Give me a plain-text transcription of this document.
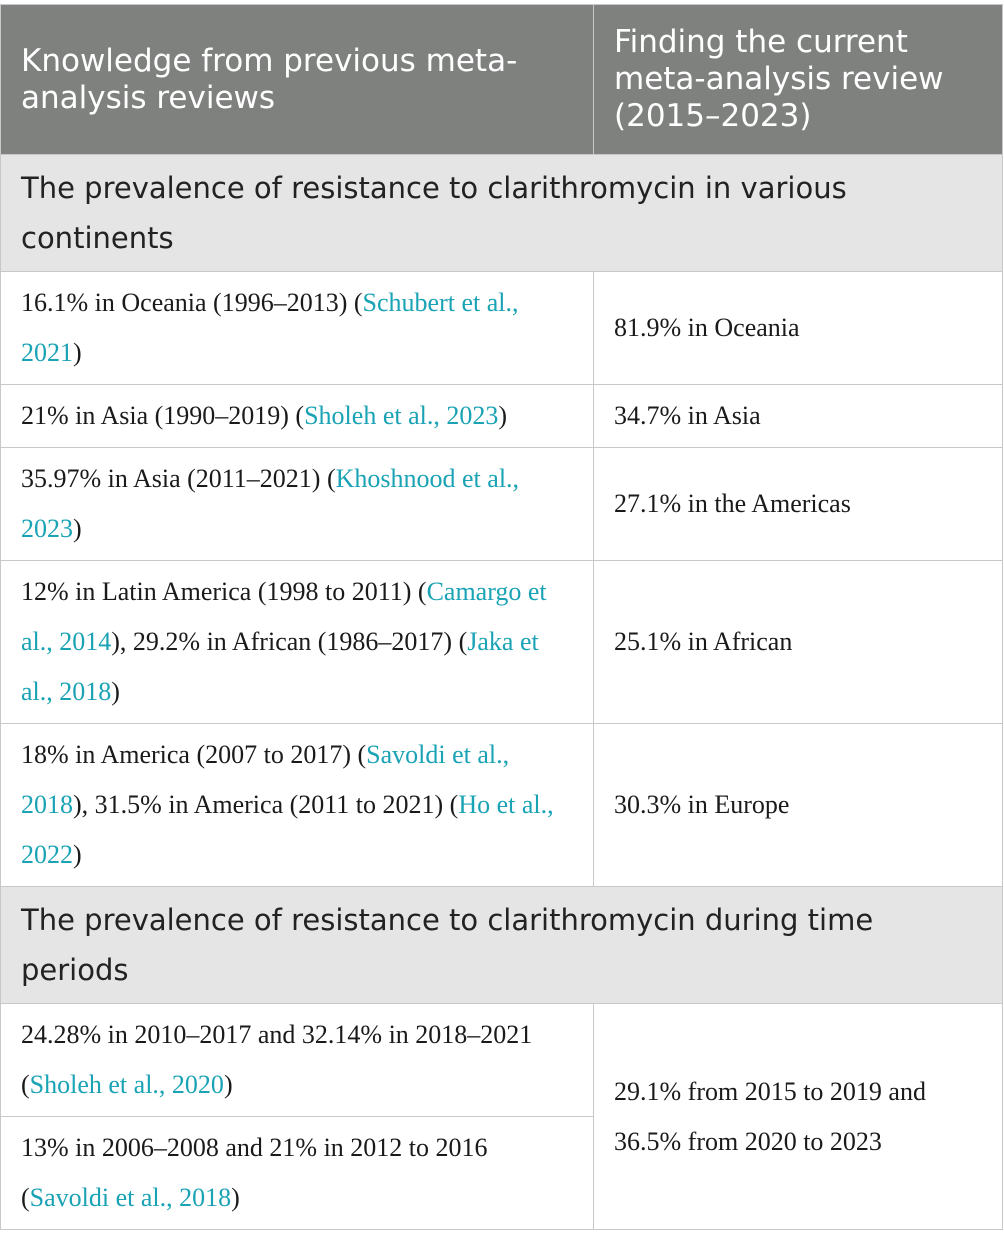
Knowledge from previous meta-analysis reviews	Finding the current meta-analysis review (2015–2023)
The prevalence of resistance to clarithromycin in various continents	
16.1% in Oceania (1996–2013) (Schubert et al., 2021)	81.9% in Oceania
21% in Asia (1990–2019) (Sholeh et al., 2023)	34.7% in Asia
35.97% in Asia (2011–2021) (Khoshnood et al., 2023)	27.1% in the Americas
12% in Latin America (1998 to 2011) (Camargo et al., 2014), 29.2% in African (1986–2017) (Jaka et al., 2018)	25.1% in African
18% in America (2007 to 2017) (Savoldi et al., 2018), 31.5% in America (2011 to 2021) (Ho et al., 2022)	30.3% in Europe
The prevalence of resistance to clarithromycin during time periods	
24.28% in 2010–2017 and 32.14% in 2018–2021 (Sholeh et al., 2020)	29.1% from 2015 to 2019 and 36.5% from 2020 to 2023
13% in 2006–2008 and 21% in 2012 to 2016 (Savoldi et al., 2018)	
